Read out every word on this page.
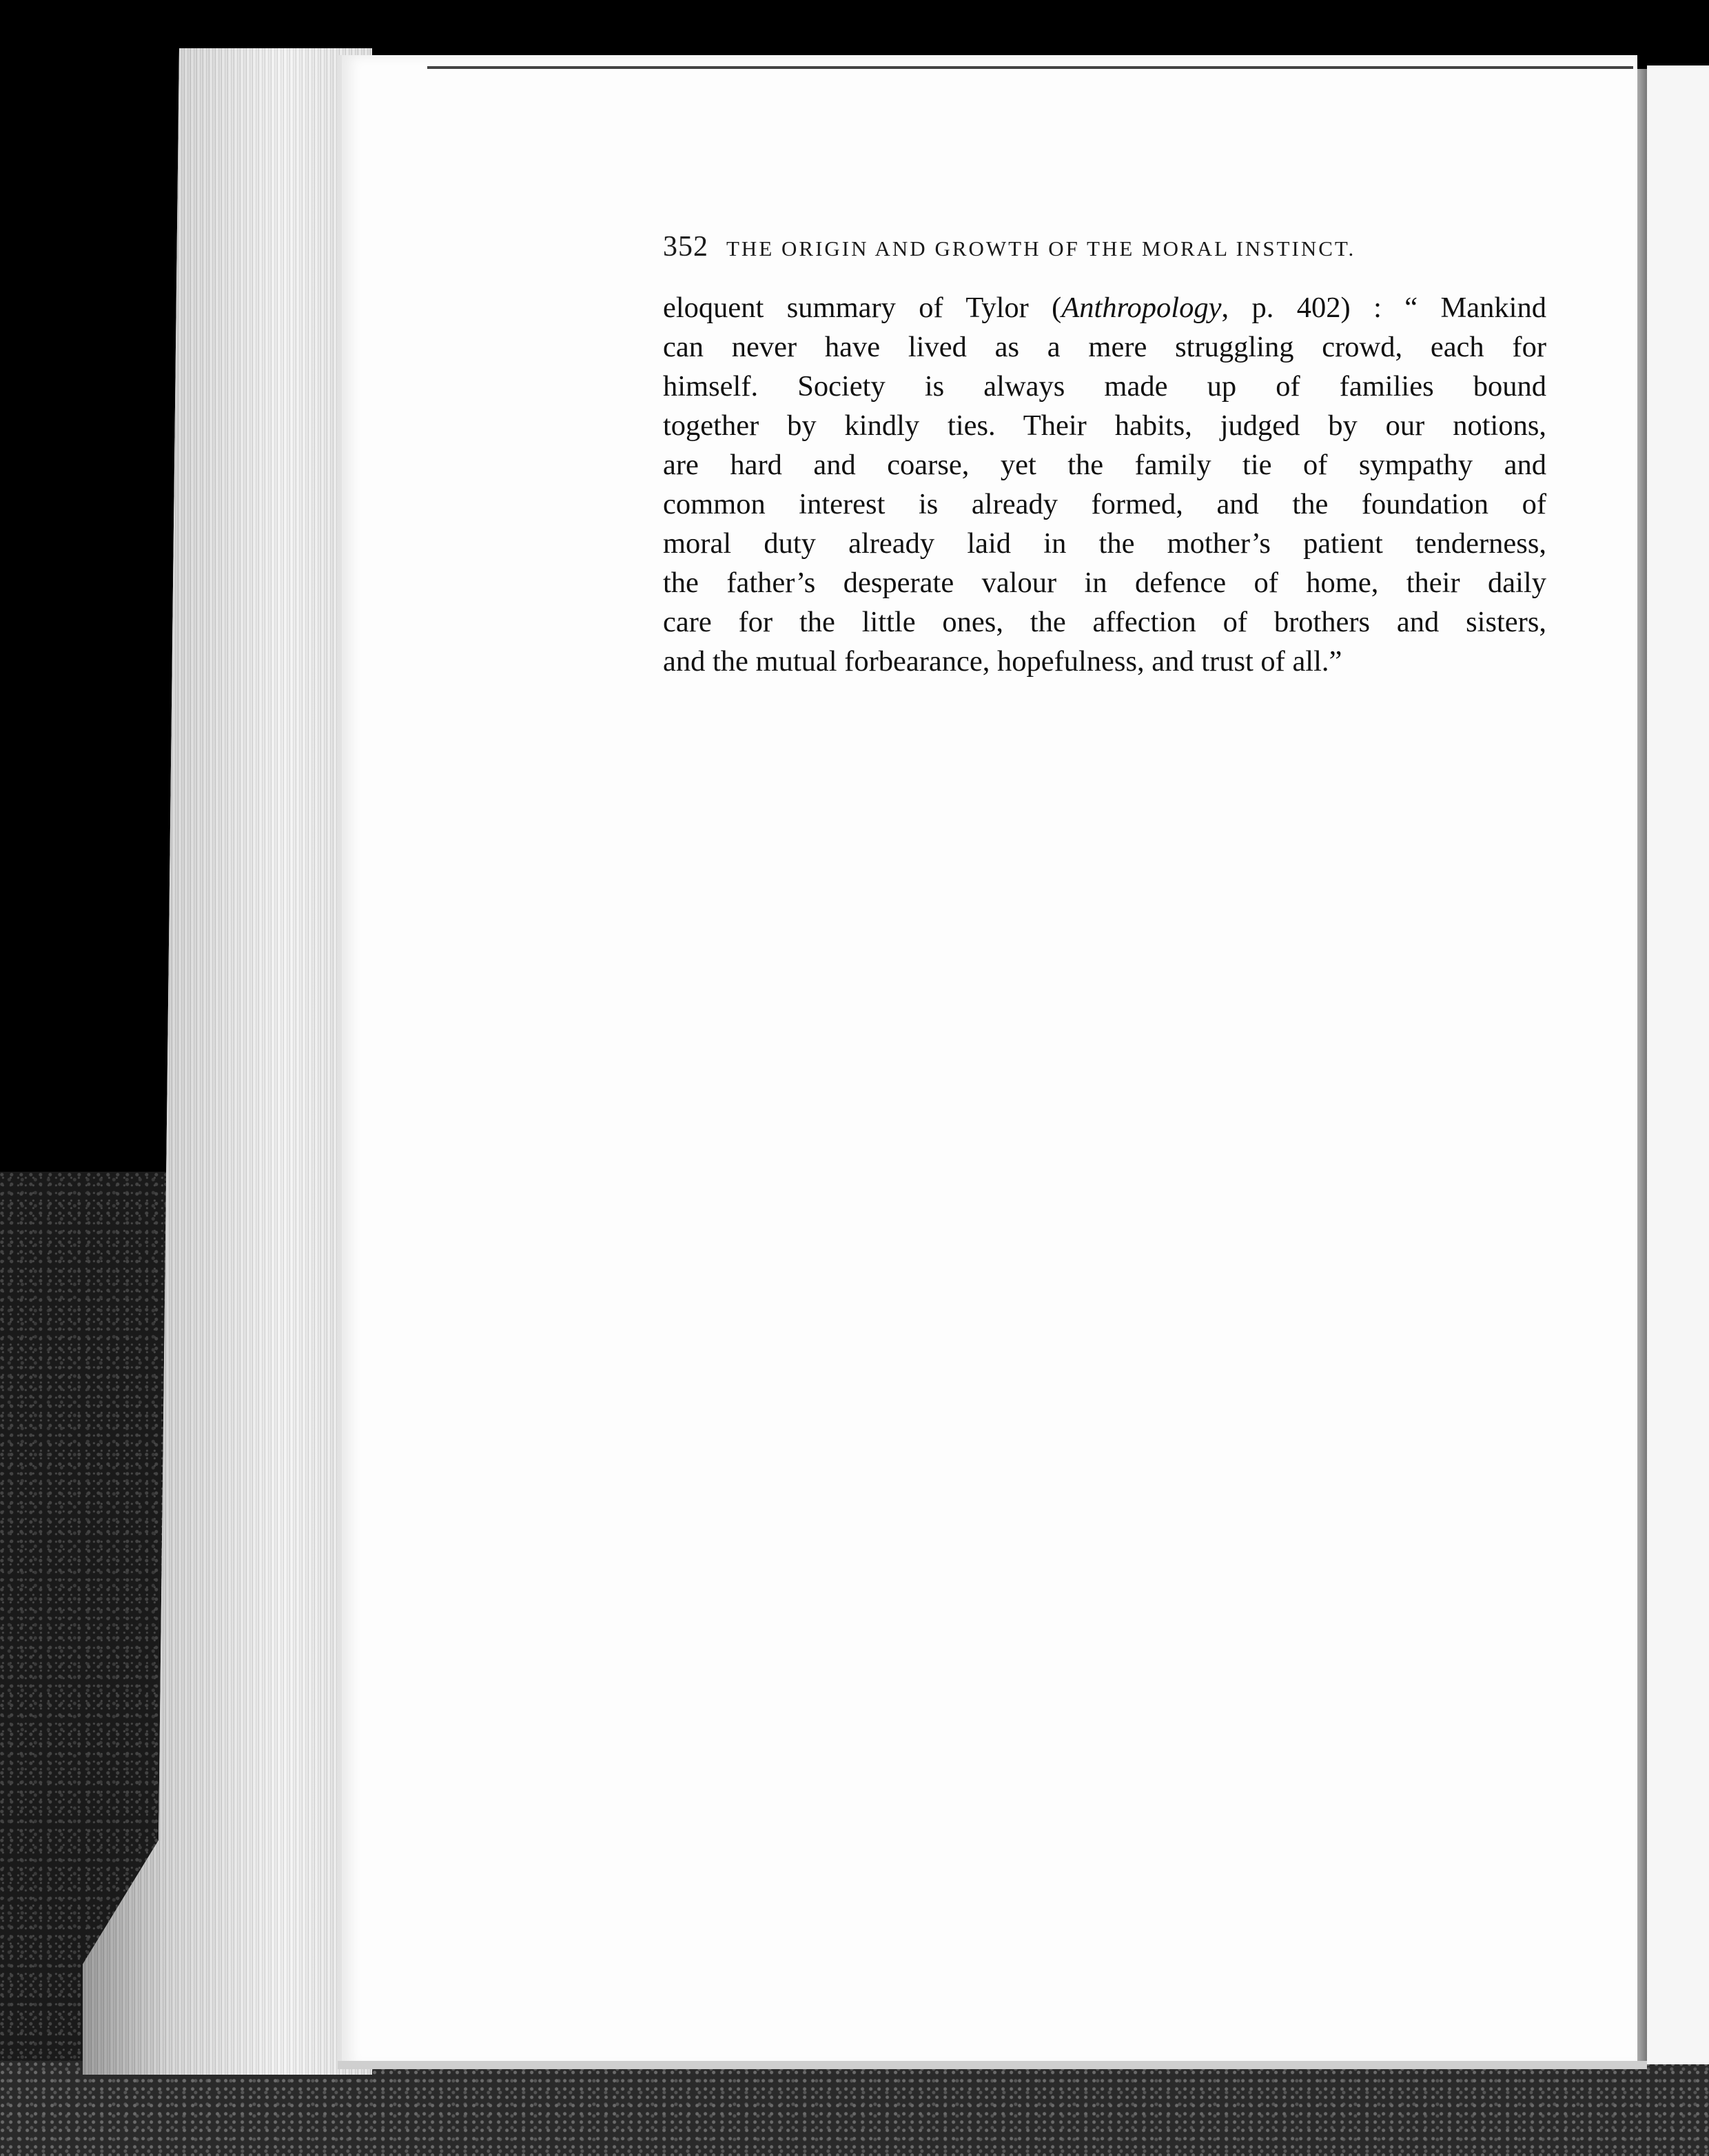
352 THE ORIGIN AND GROWTH OF THE MORAL INSTINCT.
eloquent summary of Tylor (Anthropology, p. 402) : “ Mankind
can never have lived as a mere struggling crowd, each for
himself. Society is always made up of families bound
together by kindly ties. Their habits, judged by our notions,
are hard and coarse, yet the family tie of sympathy and
common interest is already formed, and the foundation of
moral duty already laid in the mother’s patient tenderness,
the father’s desperate valour in defence of home, their daily
care for the little ones, the affection of brothers and sisters,
and the mutual forbearance, hopefulness, and trust of all.”
